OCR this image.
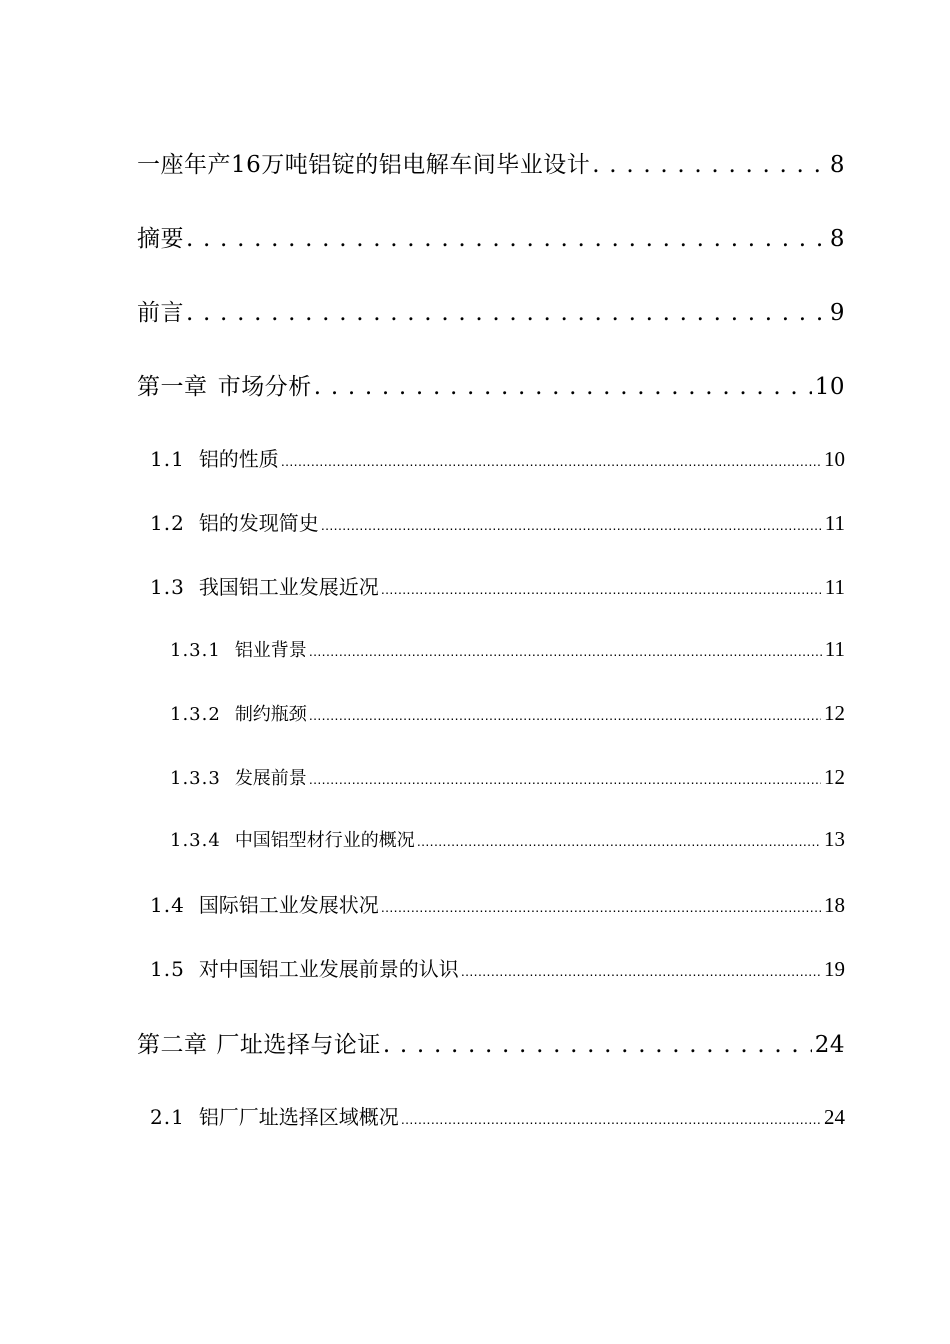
一座年产16万吨铝锭的铝电解车间毕业设计 . . .	8
摘要 . . .	8
前言 . . .	9
第一章 市场分析 . . .	10
1.1 铝的性质 .....	10
1.2 铝的发现简史 .....	11
1.3 我国铝工业发展近况 .....	11
1.3.1 铝业背景 .....	11
1.3.2 制约瓶颈 .....	12
1.3.3 发展前景 .....	12
1.3.4 中国铝型材行业的概况 .....	13
1.4 国际铝工业发展状况 .....	18
1.5 对中国铝工业发展前景的认识 .....	19
第二章 厂址选择与论证 . . .	24
2.1 铝厂厂址选择区域概况 .....	24
